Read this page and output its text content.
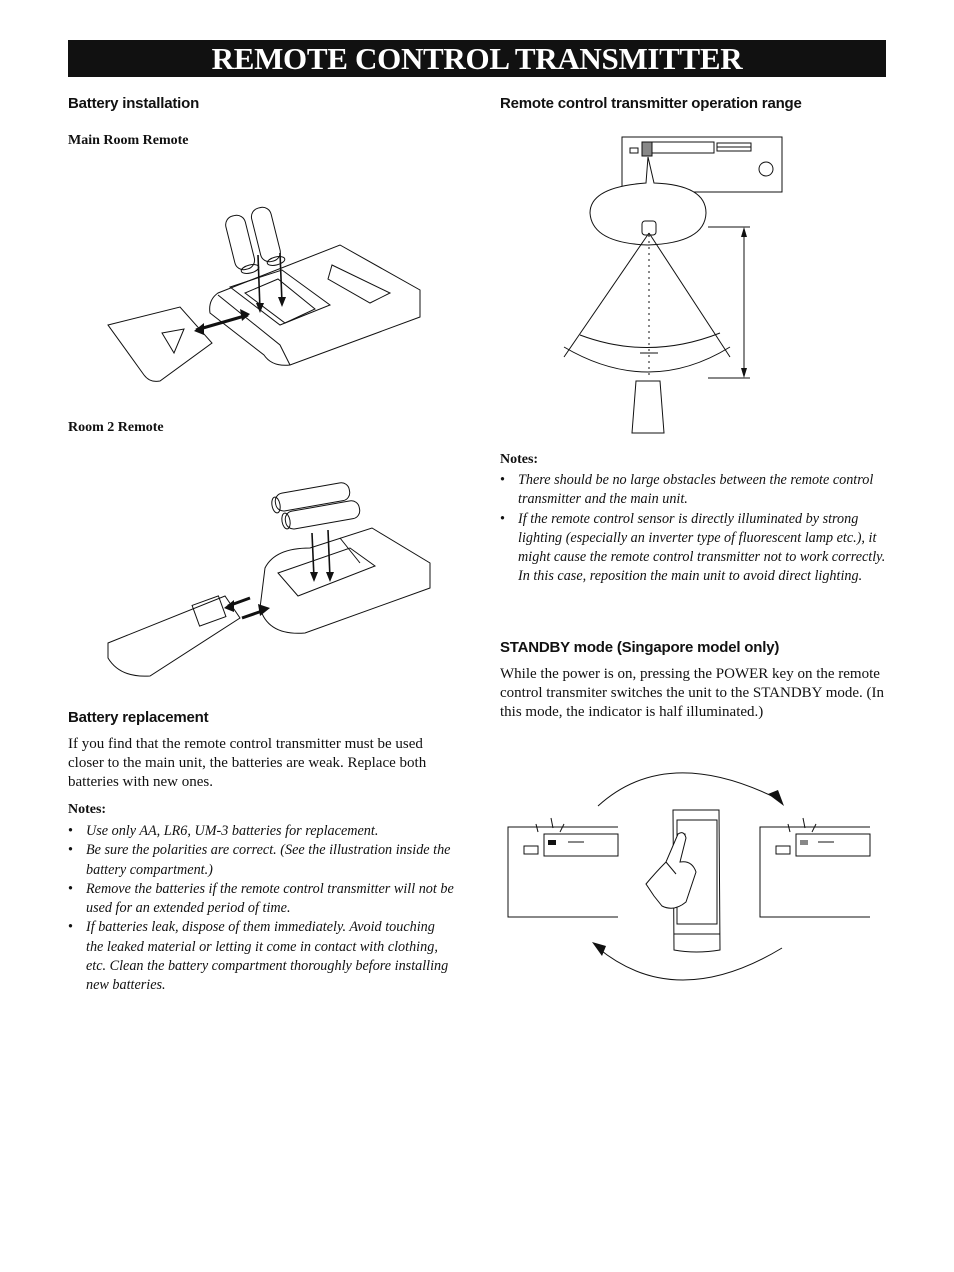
REMOTE CONTROL TRANSMITTER
Battery installation
Main Room Remote
Room 2 Remote
Battery replacement

If you find that the remote control transmitter must be used closer to the main unit, the batteries are weak. Replace both batteries with new ones.

Notes:
• Use only AA, LR6, UM-3 batteries for replacement.
• Be sure the polarities are correct. (See the illustration inside the battery compartment.)
• Remove the batteries if the remote control transmitter will not be used for an extended period of time.
• If batteries leak, dispose of them immediately. Avoid touching the leaked material or letting it come in contact with clothing, etc. Clean the battery compartment thoroughly before installing new batteries.
Remote control transmitter operation range
Notes:
• There should be no large obstacles between the remote control transmitter and the main unit.
• If the remote control sensor is directly illuminated by strong lighting (especially an inverter type of fluorescent lamp etc.), it might cause the remote control transmitter not to work correctly. In this case, reposition the main unit to avoid direct lighting.
STANDBY mode (Singapore model only)

While the power is on, pressing the POWER key on the remote control transmiter switches the unit to the STANDBY mode. (In this mode, the indicator is half illuminated.)
